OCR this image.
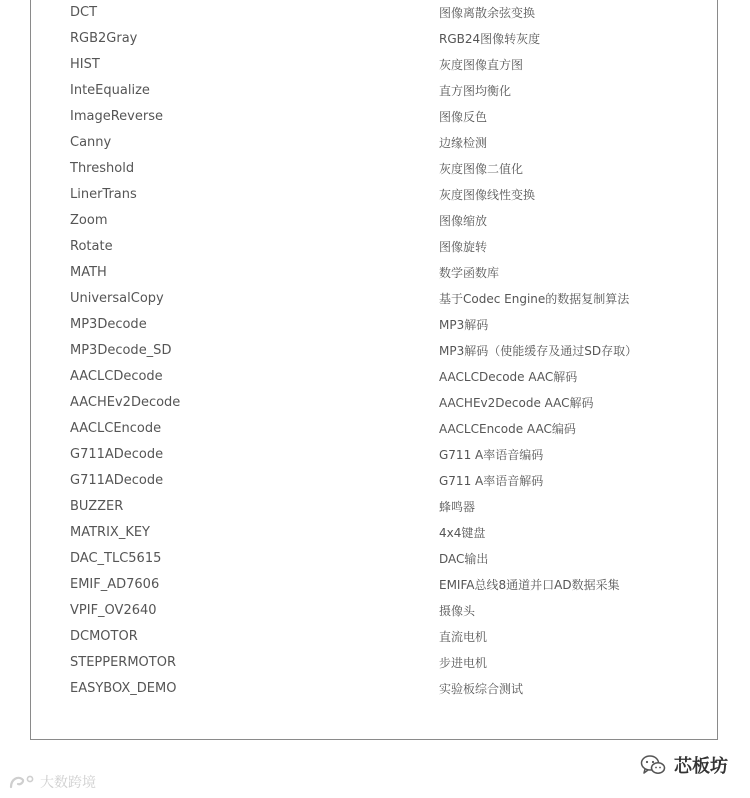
DCT	图像离散余弦变换
RGB2Gray	RGB24图像转灰度
HIST	灰度图像直方图
InteEqualize	直方图均衡化
ImageReverse	图像反色
Canny	边缘检测
Threshold	灰度图像二值化
LinerTrans	灰度图像线性变换
Zoom	图像缩放
Rotate	图像旋转
MATH	数学函数库
UniversalCopy	基于Codec Engine的数据复制算法
MP3Decode	MP3解码
MP3Decode_SD	MP3解码（使能缓存及通过SD存取）
AACLCDecode	AACLCDecode AAC解码
AACHEv2Decode	AACHEv2Decode AAC解码
AACLCEncode	AACLCEncode AAC编码
G711ADecode	G711 A率语音编码
G711ADecode	G711 A率语音解码
BUZZER	蜂鸣器
MATRIX_KEY	4x4键盘
DAC_TLC5615	DAC输出
EMIF_AD7606	EMIFA总线8通道并口AD数据采集
VPIF_OV2640	摄像头
DCMOTOR	直流电机
STEPPERMOTOR	步进电机
EASYBOX_DEMO	实验板综合测试
大数跨境
芯板坊
